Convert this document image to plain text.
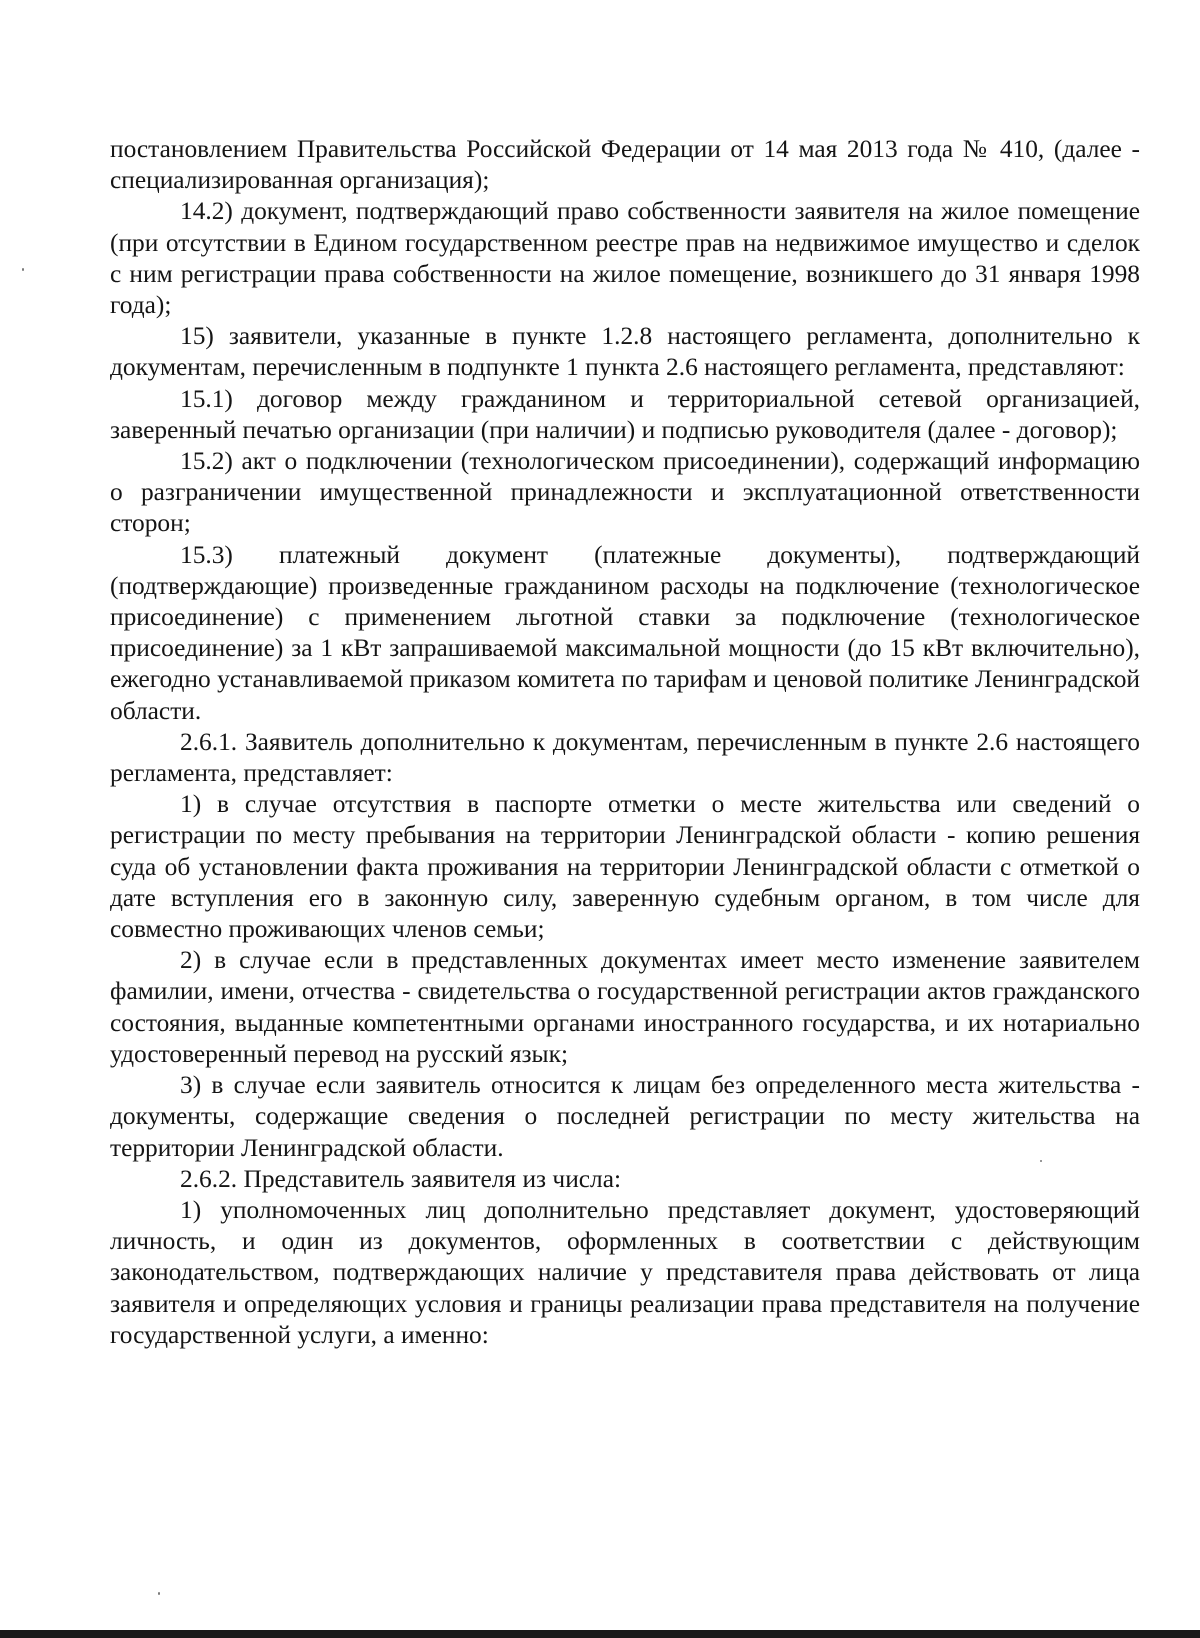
постановлением Правительства Российской Федерации от 14 мая 2013 года № 410, (далее - специализированная организация);

14.2) документ, подтверждающий право собственности заявителя на жилое помещение (при отсутствии в Едином государственном реестре прав на недвижимое имущество и сделок с ним регистрации права собственности на жилое помещение, возникшего до 31 января 1998 года);

15) заявители, указанные в пункте 1.2.8 настоящего регламента, дополнительно к документам, перечисленным в подпункте 1 пункта 2.6 настоящего регламента, представляют:

15.1) договор между гражданином и территориальной сетевой организацией, заверенный печатью организации (при наличии) и подписью руководителя (далее - договор);

15.2) акт о подключении (технологическом присоединении), содержащий информацию о разграничении имущественной принадлежности и эксплуатационной ответственности сторон;

15.3) платежный документ (платежные документы), подтверждающий (подтверждающие) произведенные гражданином расходы на подключение (технологическое присоединение) с применением льготной ставки за подключение (технологическое присоединение) за 1 кВт запрашиваемой максимальной мощности (до 15 кВт включительно), ежегодно устанавливаемой приказом комитета по тарифам и ценовой политике Ленинградской области.

2.6.1. Заявитель дополнительно к документам, перечисленным в пункте 2.6 настоящего регламента, представляет:

1) в случае отсутствия в паспорте отметки о месте жительства или сведений о регистрации по месту пребывания на территории Ленинградской области - копию решения суда об установлении факта проживания на территории Ленинградской области с отметкой о дате вступления его в законную силу, заверенную судебным органом, в том числе для совместно проживающих членов семьи;

2) в случае если в представленных документах имеет место изменение заявителем фамилии, имени, отчества - свидетельства о государственной регистрации актов гражданского состояния, выданные компетентными органами иностранного государства, и их нотариально удостоверенный перевод на русский язык;

3) в случае если заявитель относится к лицам без определенного места жительства - документы, содержащие сведения о последней регистрации по месту жительства на территории Ленинградской области.

2.6.2. Представитель заявителя из числа:

1) уполномоченных лиц дополнительно представляет документ, удостоверяющий личность, и один из документов, оформленных в соответствии с действующим законодательством, подтверждающих наличие у представителя права действовать от лица заявителя и определяющих условия и границы реализации права представителя на получение государственной услуги, а именно:
